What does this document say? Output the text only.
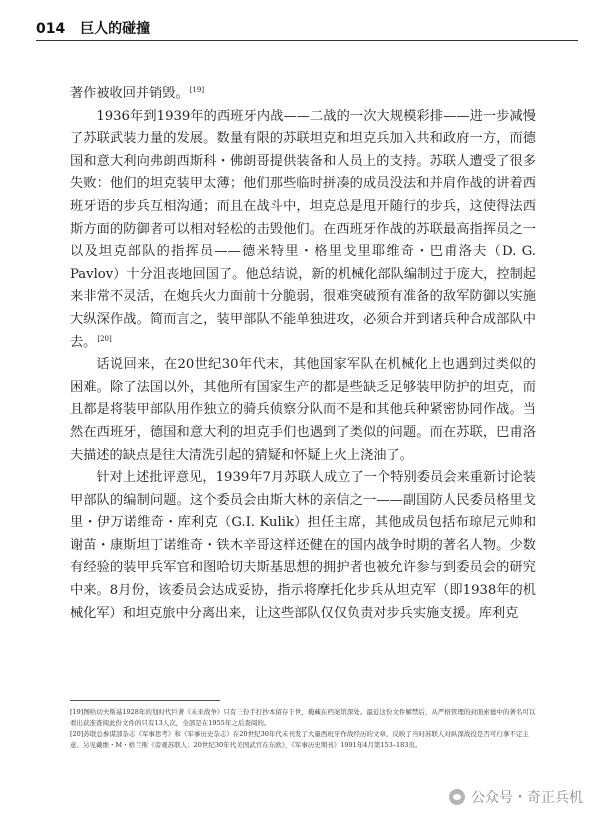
014 巨人的碰撞

著作被收回并销毁。[19]

1936年到1939年的西班牙内战——二战的一次大规模彩排——进一步减慢了苏联武装力量的发展。数量有限的苏联坦克和坦克兵加入共和政府一方，而德国和意大利向弗朗西斯科・佛朗哥提供装备和人员上的支持。苏联人遭受了很多失败：他们的坦克装甲太薄；他们那些临时拼凑的成员没法和并肩作战的讲着西班牙语的步兵互相沟通；而且在战斗中，坦克总是甩开随行的步兵，这使得法西斯方面的防御者可以相对轻松的击毁他们。在西班牙作战的苏联最高指挥员之一以及坦克部队的指挥员——德米特里・格里戈里耶维奇・巴甫洛夫（D. G. Pavlov）十分沮丧地回国了。他总结说，新的机械化部队编制过于庞大，控制起来非常不灵活，在炮兵火力面前十分脆弱，很难突破预有准备的敌军防御以实施大纵深作战。简而言之，装甲部队不能单独进攻，必须合并到诸兵种合成部队中去。[20]

话说回来，在20世纪30年代末，其他国家军队在机械化上也遇到过类似的困难。除了法国以外，其他所有国家生产的都是些缺乏足够装甲防护的坦克，而且都是将装甲部队用作独立的骑兵侦察分队而不是和其他兵种紧密协同作战。当然在西班牙，德国和意大利的坦克手们也遇到了类似的问题。而在苏联，巴甫洛夫描述的缺点是往大清洗引起的猜疑和怀疑上火上浇油了。

针对上述批评意见，1939年7月苏联人成立了一个特别委员会来重新讨论装甲部队的编制问题。这个委员会由斯大林的亲信之一——副国防人民委员格里戈里・伊万诺维奇・库利克（G.I. Kulik）担任主席，其他成员包括布琼尼元帅和谢苗・康斯坦丁诺维奇・铁木辛哥这样还健在的国内战争时期的著名人物。少数有经验的装甲兵军官和图哈切夫斯基思想的拥护者也被允许参与到委员会的研究中来。8月份，该委员会达成妥协，指示将摩托化步兵从坦克军（即1938年的机械化军）和坦克旅中分离出来，让这些部队仅仅负责对步兵实施支援。库利克

[19]图哈切夫斯基1928年的划时代巨著《未来战争》只有三份手打抄本留存于世，掩藏在档案馆深处。最近这份文件解禁后，从严格管理的封面索德中的著名可以看出获准查阅此份文件的只有13人次，全部是在1955年之后查阅的。

[20]苏联总参谋部杂志《军事思考》和《军事历史杂志》在20世纪30年代末刊发了大量西班牙作战经历的文章，反映了当时苏联人对纵深战役是否可行拿不定主意。另见戴维・M・格兰斯《旁观苏联人：20世纪30年代美国武官在东欧》，《军事历史期刊》1991年4月第153–183页。

公众号・奇正兵机
